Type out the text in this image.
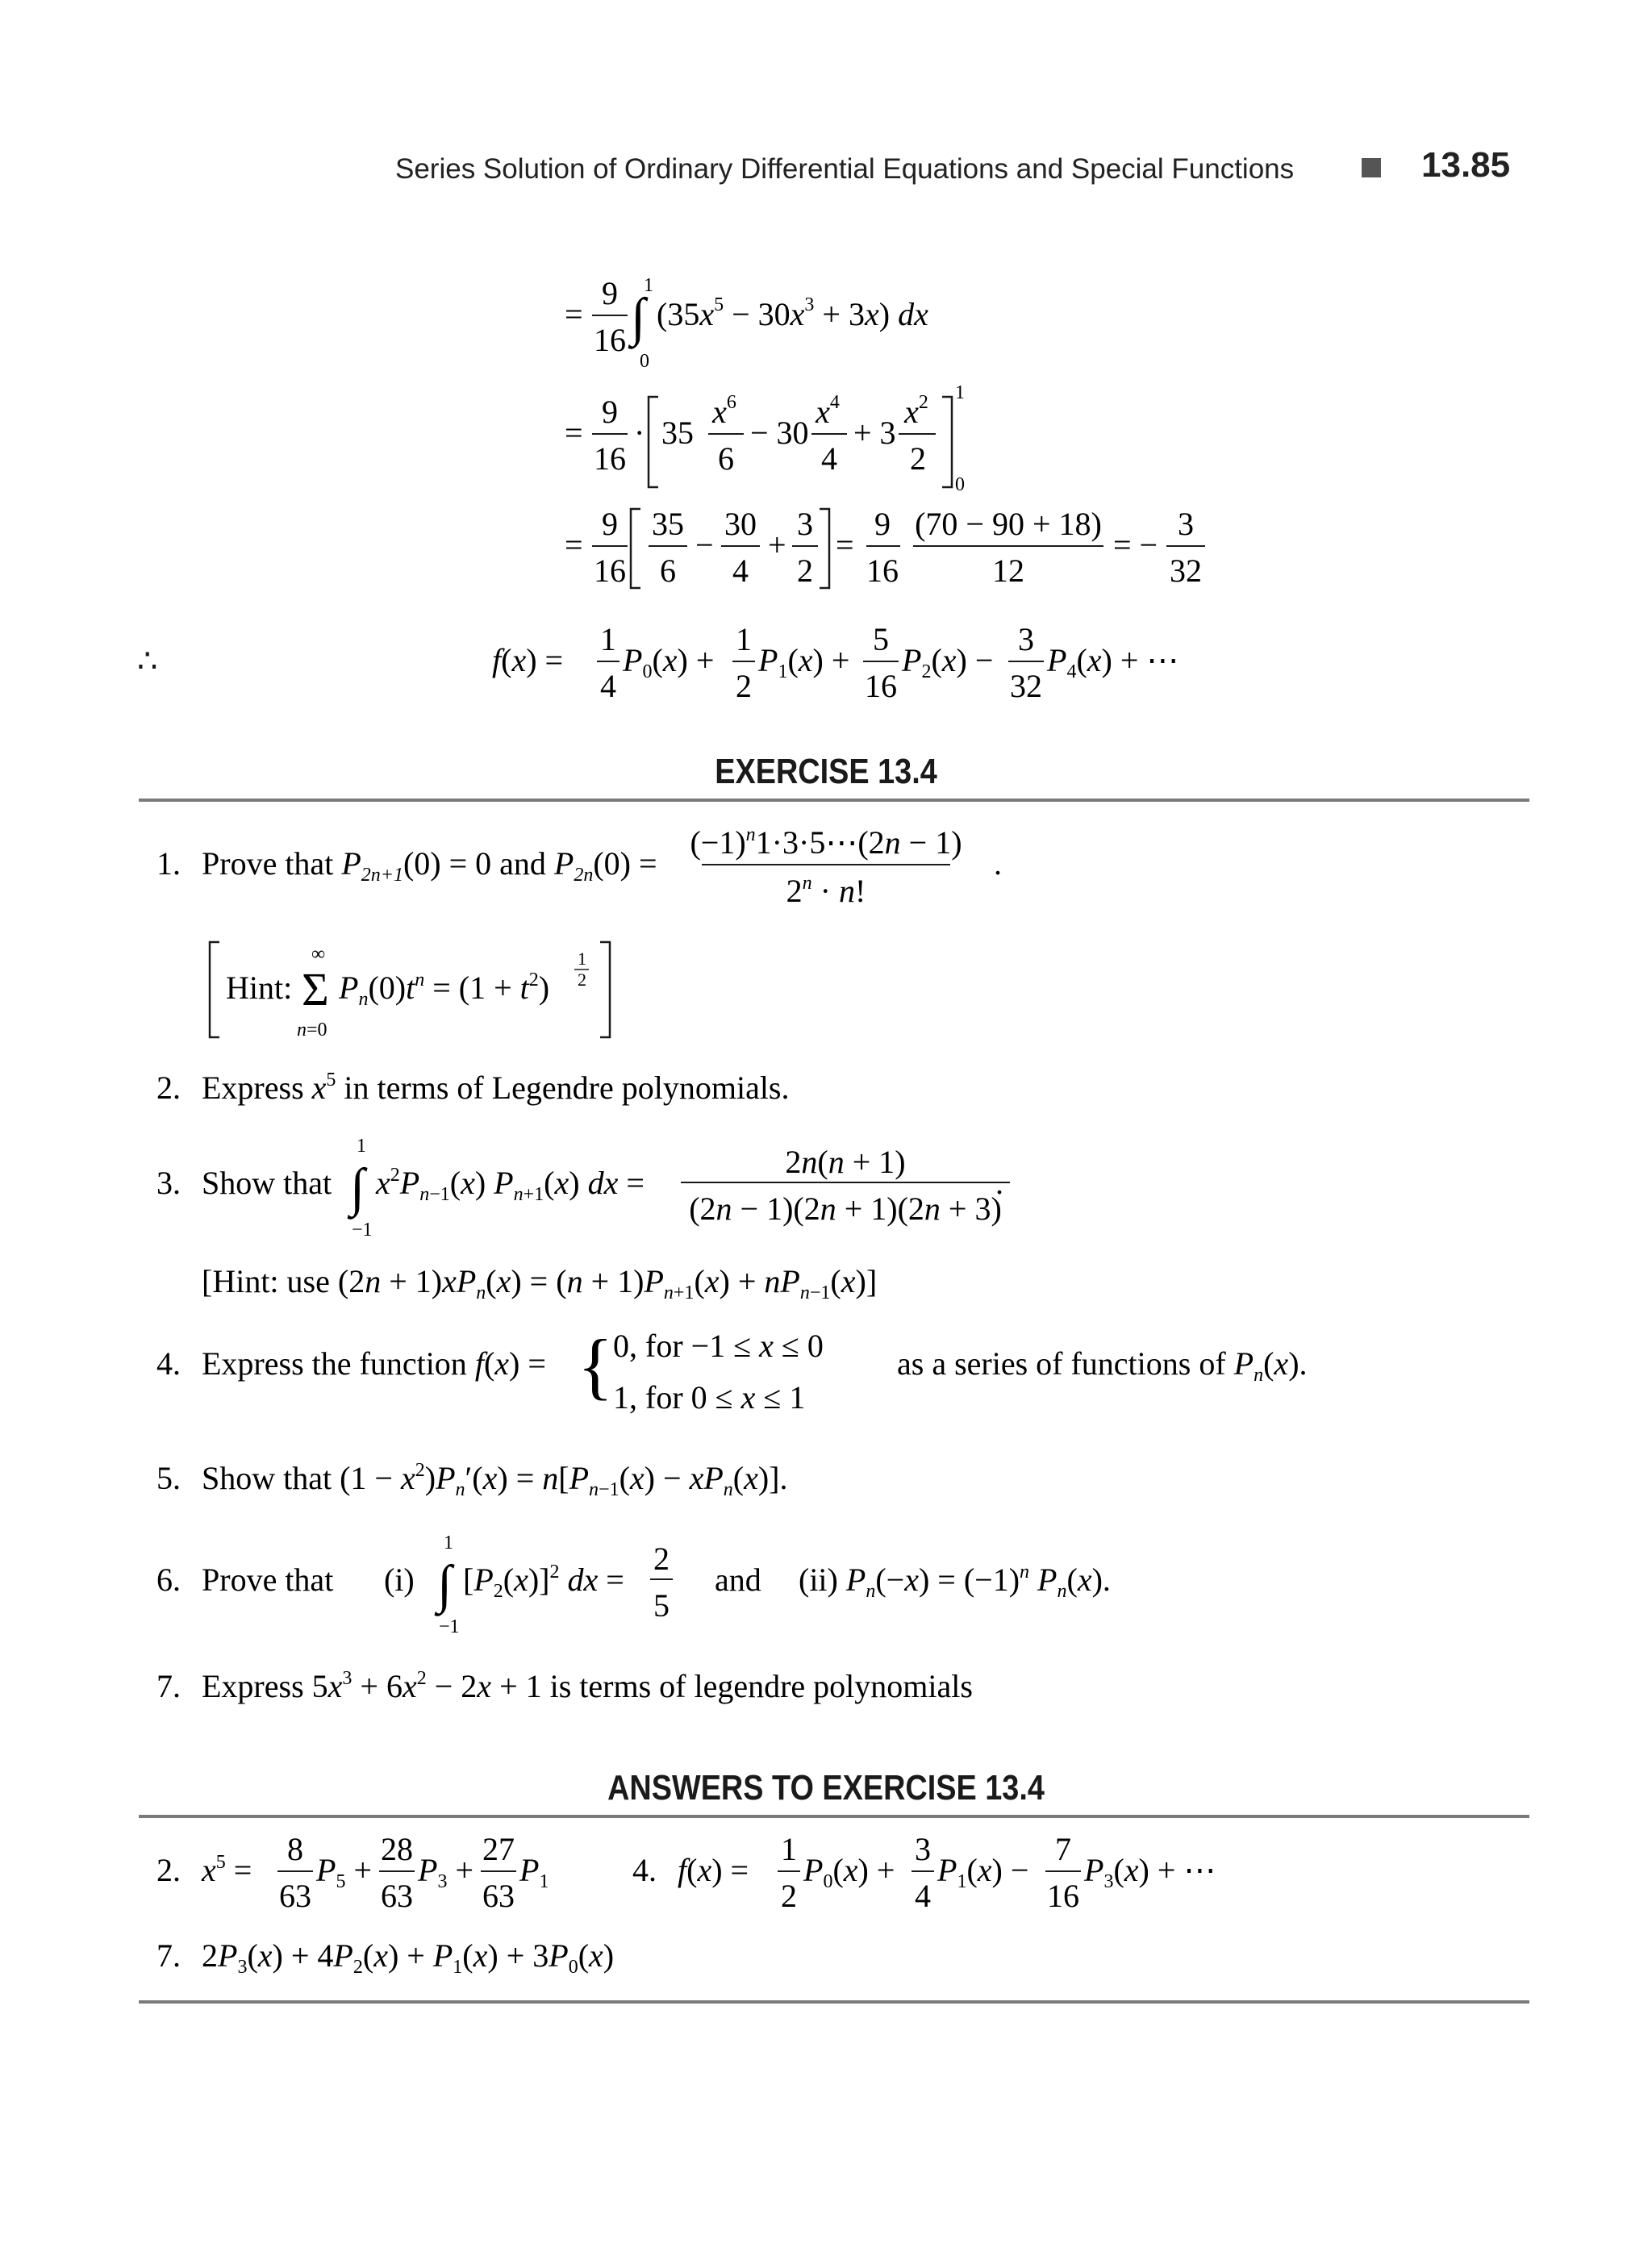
Series Solution of Ordinary Differential Equations and Special Functions	13.85
=
9
16 ∫
1
0
$(35x^5 - 30x^3 + 3x)$ dx
=
9
16
· 35
$x^6$
6
− 30
$x^4$
4
+ 3
$x^2$
2
1
0
=
9
16
35
6
−
30
4
+
3
2
=
9
16
(70 − 90 + 18)
12
= −
3
32
∴	f(x) =
1
4
$P_0(x)$ +
1
2
$P_1(x)$ +
5
16
$P_2(x)$ −
3
32
$P_4(x)$ + ⋯
EXERCISE 13.4
1. Prove that $P_{2n+1}(0) = 0$ and $P_{2n}(0)$ =
$(-1)^n1\cdot 3\cdot 5\cdots(2n - 1)$
$2^n \cdot n$!
.
Hint: Σ
∞
n=0
$P_n(0)t^n = (1 + t^2)$
1
2
2. Express $x^5$ in terms of Legendre polynomials.
3. Show that ∫
1
−1
$x^2P_n-1(x)$ $P_n+1(x)$ dx =
2n(n + 1)
(2n − 1)(2n + 1)(2n + 3)
.
[Hint: use $(2n + 1)xP_n(x) = (n + 1)P_n+1(x) + nP_n-1(x)$]
4. Express the function f(x) = { 0, for −1 ≤ x ≤ 0
1, for 0 ≤ x ≤ 1
as a series of functions of $P_n(x)$.
5. Show that $(1 - x^2)P_n'(x) = n[P_n-1(x) - xP_n(x)]$.
6. Prove that (i) ∫
1
−1
$[P_2(x)]^2$ dx =
2
5
and (ii) $P_n(-x) = (-1)^n$ $P_n(x)$.
7. Express $5x^3 + 6x^2 - 2x + 1$ is terms of legendre polynomials
ANSWERS TO EXERCISE 13.4
2. $x^5$ =
8
63
$P_5$ +
28
63
$P_3$ +
27
63
$P_1$	4. f(x) =
1
2
$P_0(x)$ +
3
4
$P_1(x)$ −
7
16
$P_3(x)$ + ⋯
7. $2P_3(x) + 4P_2(x) + P_1(x) + 3P_0(x)$
